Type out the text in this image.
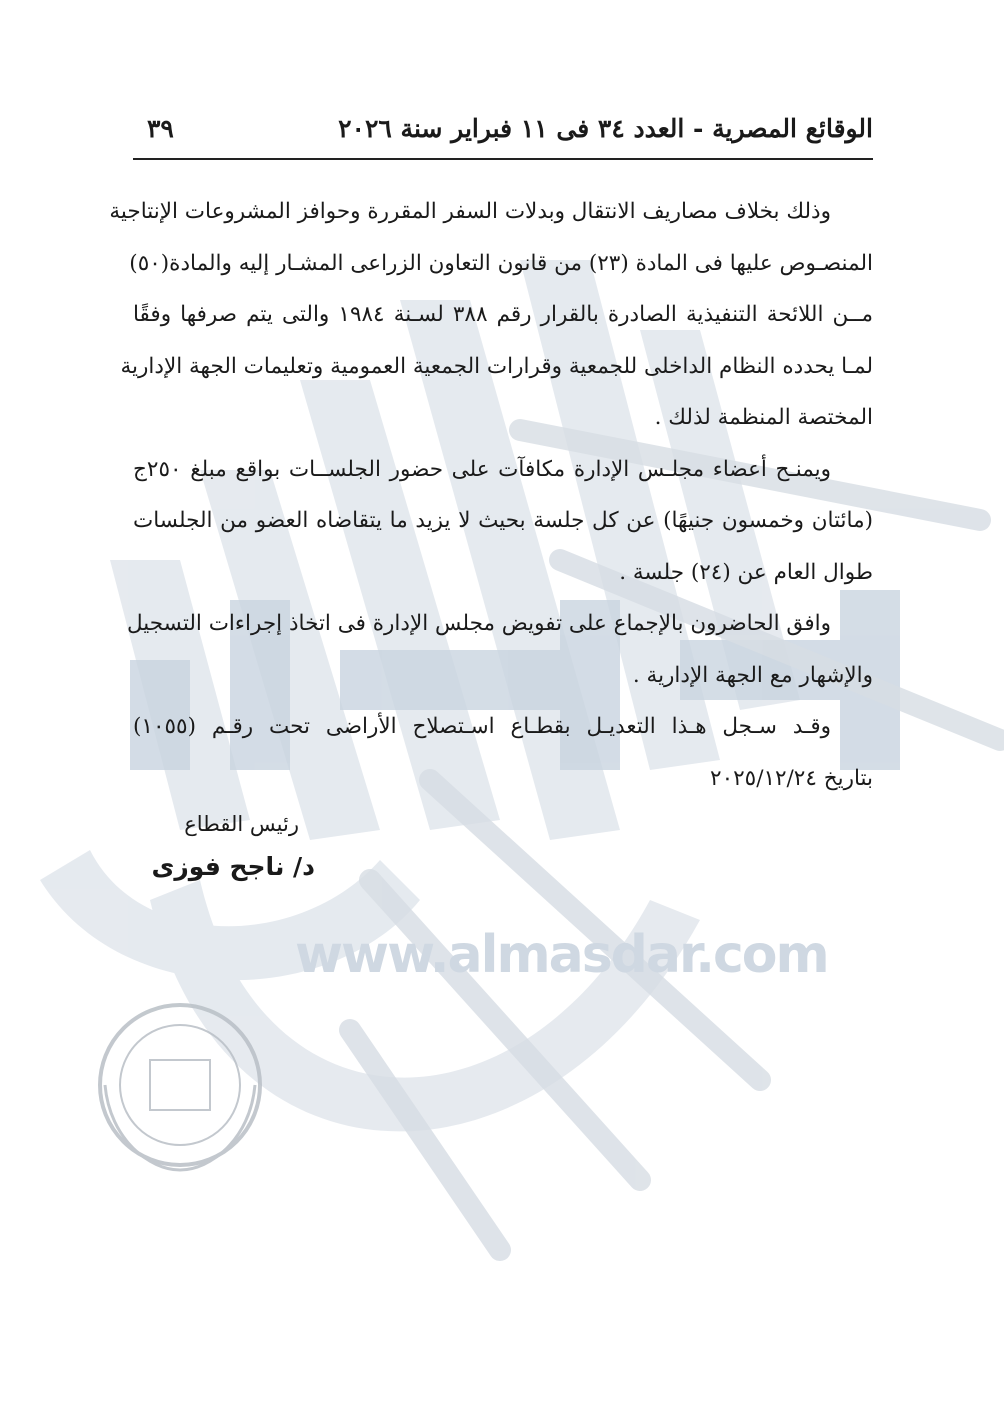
www.almasdar.com
الوقائع المصرية - العدد ٣٤ فى ١١ فبراير سنة ٢٠٢٦
٣٩
وذلك بخلاف مصاريف الانتقال وبدلات السفر المقررة وحوافز المشروعات الإنتاجية
المنصـوص عليها فى المادة (٢٣) من قانون التعاون الزراعى المشـار إليه والمادة(٥٠)
مــن اللائحة التنفيذية الصادرة بالقرار رقم ٣٨٨ لسـنة ١٩٨٤ والتى يتم صرفها وفقًا
لمـا يحدده النظام الداخلى للجمعية وقرارات الجمعية العمومية وتعليمات الجهة الإدارية
المختصة المنظمة لذلك .
ويمنـح أعضاء مجلـس الإدارة مكافآت على حضور الجلســات بواقع مبلغ ٢٥٠ج
(مائتان وخمسون جنيهًا) عن كل جلسة بحيث لا يزيد ما يتقاضاه العضو من الجلسات
طوال العام عن (٢٤) جلسة .
وافق الحاضرون بالإجماع على تفويض مجلس الإدارة فى اتخاذ إجراءات التسجيل
والإشهار مع الجهة الإدارية .
وقـد سـجل هـذا التعديـل بقطـاع اسـتصلاح الأراضى تحت رقـم (١٠٥٥)
بتاريخ ٢٠٢٥/١٢/٢٤
رئيس القطاع
د/ ناجح فوزى
